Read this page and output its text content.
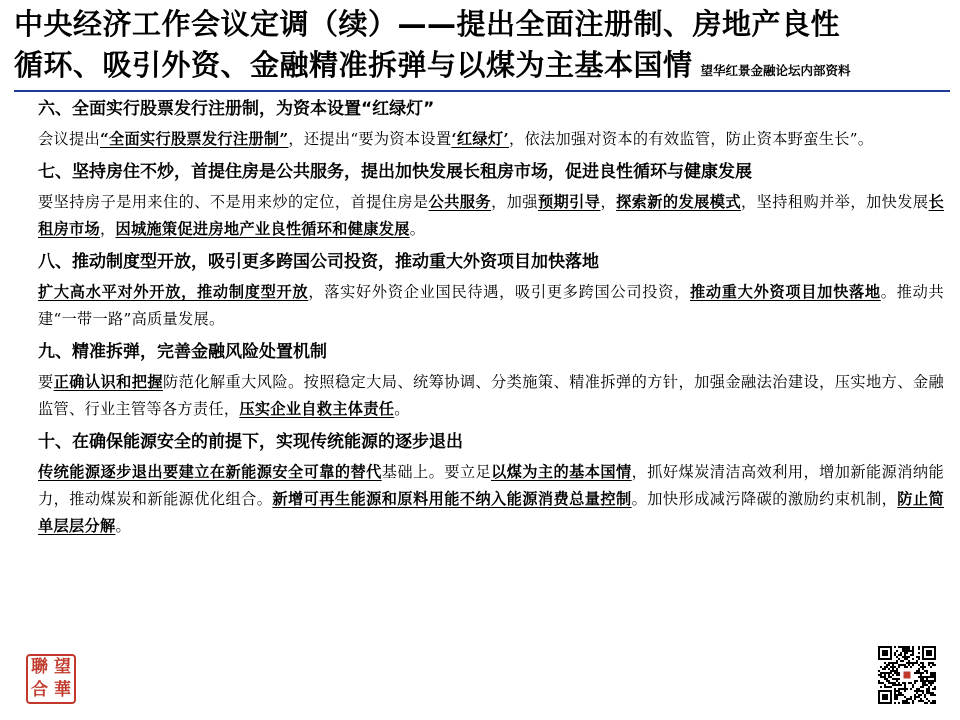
中央经济工作会议定调（续）——提出全面注册制、房地产良性
循环、吸引外资、金融精准拆弹与以煤为主基本国情 望华红景金融论坛内部资料
六、全面实行股票发行注册制，为资本设置“红绿灯”
会议提出“全面实行股票发行注册制”，还提出“要为资本设置‘红绿灯’，依法加强对资本的有效监管，防止资本野蛮生长”。
七、坚持房住不炒，首提住房是公共服务，提出加快发展长租房市场，促进良性循环与健康发展
要坚持房子是用来住的、不是用来炒的定位，首提住房是公共服务，加强预期引导，探索新的发展模式，坚持租购并举，加快发展长租房市场，因城施策促进房地产业良性循环和健康发展。
八、推动制度型开放，吸引更多跨国公司投资，推动重大外资项目加快落地
扩大高水平对外开放，推动制度型开放，落实好外资企业国民待遇，吸引更多跨国公司投资，推动重大外资项目加快落地。推动共建“一带一路”高质量发展。
九、精准拆弹，完善金融风险处置机制
要正确认识和把握防范化解重大风险。按照稳定大局、统筹协调、分类施策、精准拆弹的方针，加强金融法治建设，压实地方、金融监管、行业主管等各方责任，压实企业自救主体责任。
十、在确保能源安全的前提下，实现传统能源的逐步退出
传统能源逐步退出要建立在新能源安全可靠的替代基础上。要立足以煤为主的基本国情，抓好煤炭清洁高效利用，增加新能源消纳能力，推动煤炭和新能源优化组合。新增可再生能源和原料用能不纳入能源消费总量控制。加快形成减污降碳的激励约束机制，防止简单层层分解。
聯 望
合 華
